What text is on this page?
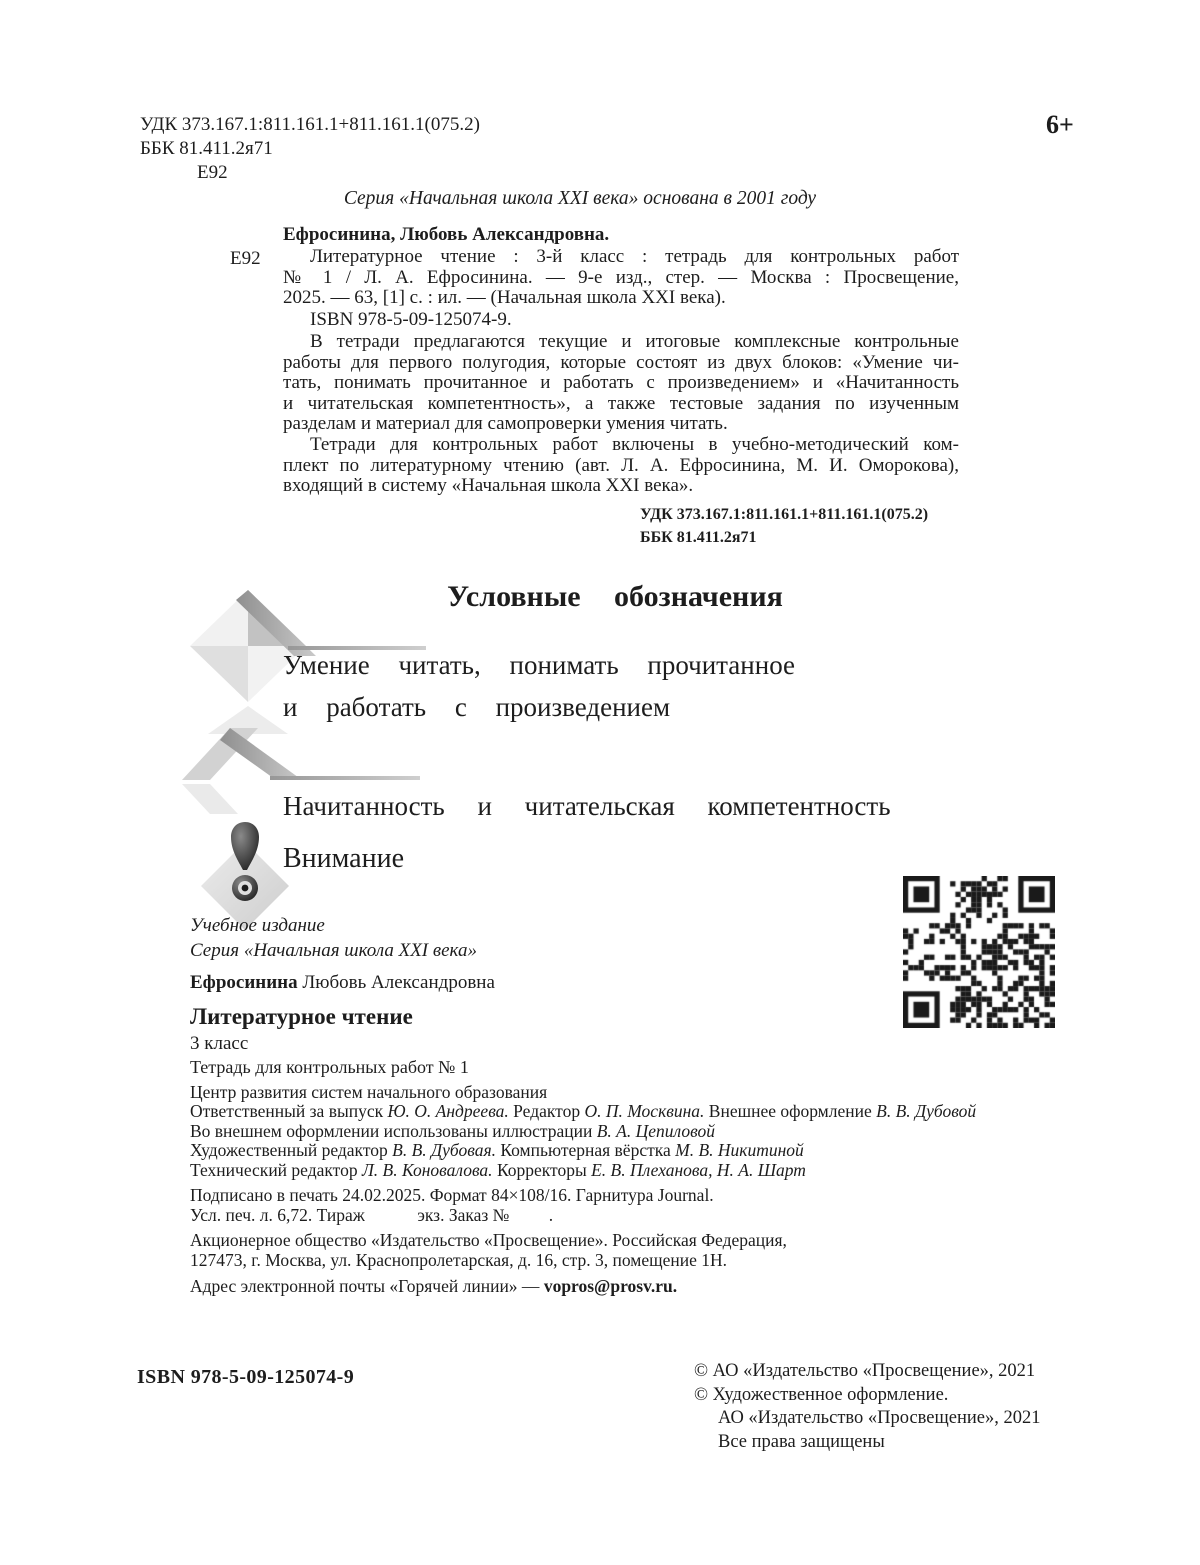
УДК 373.167.1:811.161.1+811.161.1(075.2)
ББК 81.411.2я71
Е92
6+
Серия «Начальная школа XXI века» основана в 2001 году
Ефросинина, Любовь Александровна.
Е92	Литературное чтение : 3-й класс : тетрадь для контрольных работ
№ 1 / Л. А. Ефросинина. — 9-е изд., стер. — Москва : Просвещение,
2025. — 63, [1] с. : ил. — (Начальная школа XXI века).
ISBN 978-5-09-125074-9.
В тетради предлагаются текущие и итоговые комплексные контрольные
работы для первого полугодия, которые состоят из двух блоков: «Умение чи-
тать, понимать прочитанное и работать с произведением» и «Начитанность
и читательская компетентность», а также тестовые задания по изученным
разделам и материал для самопроверки умения читать.
Тетради для контрольных работ включены в учебно-методический ком-
плект по литературному чтению (авт. Л. А. Ефросинина, М. И. Оморокова),
входящий в систему «Начальная школа XXI века».
УДК 373.167.1:811.161.1+811.161.1(075.2)
ББК 81.411.2я71
Условные обозначения
Умение читать, понимать прочитанное
и работать с произведением
Начитанность и читательская компетентность
Внимание
Учебное издание
Серия «Начальная школа XXI века»
Ефросинина Любовь Александровна
Литературное чтение
3 класс
Тетрадь для контрольных работ № 1
Центр развития систем начального образования
Ответственный за выпуск Ю. О. Андреева. Редактор О. П. Москвина. Внешнее оформление В. В. Дубовой
Во внешнем оформлении использованы иллюстрации В. А. Цепиловой
Художественный редактор В. В. Дубовая. Компьютерная вёрстка М. В. Никитиной
Технический редактор Л. В. Коновалова. Корректоры Е. В. Плеханова, Н. А. Шарт
Подписано в печать 24.02.2025. Формат 84×108/16. Гарнитура Journal.
Усл. печ. л. 6,72. Тираж            экз. Заказ №         .
Акционерное общество «Издательство «Просвещение». Российская Федерация,
127473, г. Москва, ул. Краснопролетарская, д. 16, стр. 3, помещение 1Н.
Адрес электронной почты «Горячей линии» — vopros@prosv.ru.
ISBN 978-5-09-125074-9	© АО «Издательство «Просвещение», 2021
© Художественное оформление.
АО «Издательство «Просвещение», 2021
Все права защищены
